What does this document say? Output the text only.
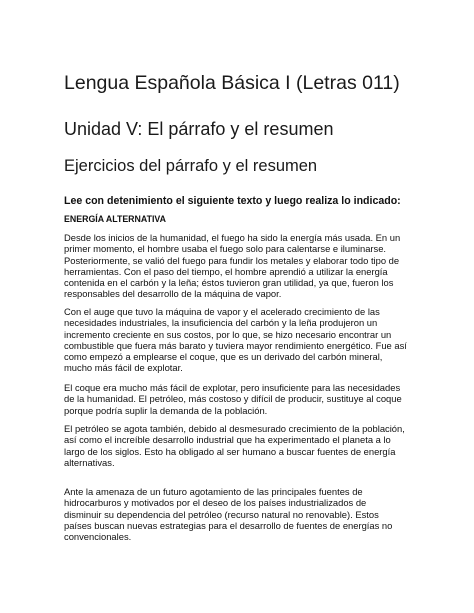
Lengua Española Básica I (Letras 011)
Unidad V: El párrafo y el resumen
Ejercicios del párrafo y el resumen

Lee con detenimiento el siguiente texto y luego realiza lo indicado:

ENERGÍA ALTERNATIVA

Desde los inicios de la humanidad, el fuego ha sido la energía más usada. En un
primer momento, el hombre usaba el fuego solo para calentarse e iluminarse.
Posteriormente, se valió del fuego para fundir los metales y elaborar todo tipo de
herramientas. Con el paso del tiempo, el hombre aprendió a utilizar la energía
contenida en el carbón y la leña; éstos tuvieron gran utilidad, ya que, fueron los
responsables del desarrollo de la máquina de vapor.
Con el auge que tuvo la máquina de vapor y el acelerado crecimiento de las
necesidades industriales, la insuficiencia del carbón y la leña produjeron un
incremento creciente en sus costos, por lo que, se hizo necesario encontrar un
combustible que fuera más barato y tuviera mayor rendimiento energético. Fue así
como empezó a emplearse el coque, que es un derivado del carbón mineral,
mucho más fácil de explotar.
El coque era mucho más fácil de explotar, pero insuficiente para las necesidades
de la humanidad. El petróleo, más costoso y difícil de producir, sustituye al coque
porque podría suplir la demanda de la población.
El petróleo se agota también, debido al desmesurado crecimiento de la población,
así como el increíble desarrollo industrial que ha experimentado el planeta a lo
largo de los siglos. Esto ha obligado al ser humano a buscar fuentes de energía
alternativas.
Ante la amenaza de un futuro agotamiento de las principales fuentes de
hidrocarburos y motivados por el deseo de los países industrializados de
disminuir su dependencia del petróleo (recurso natural no renovable). Estos
países buscan nuevas estrategias para el desarrollo de fuentes de energías no
convencionales.
